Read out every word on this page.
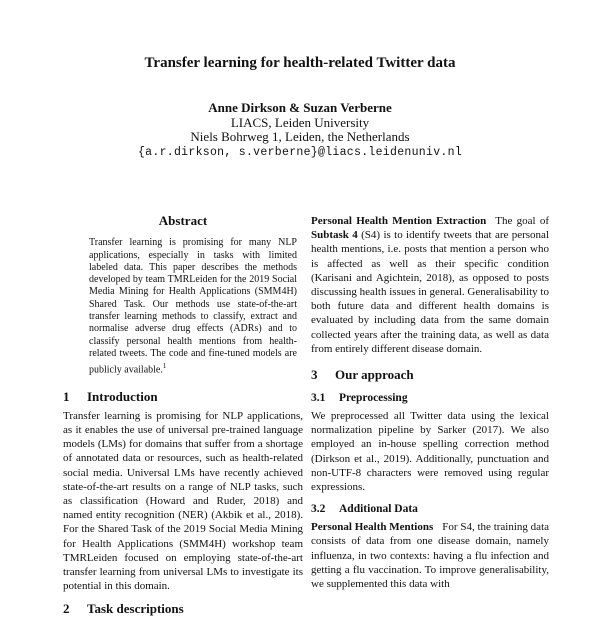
Transfer learning for health-related Twitter data
Anne Dirkson & Suzan Verberne
LIACS, Leiden University
Niels Bohrweg 1, Leiden, the Netherlands
{a.r.dirkson, s.verberne}@liacs.leidenuniv.nl
Abstract

Transfer learning is promising for many NLP applications, especially in tasks with limited labeled data. This paper describes the methods developed by team TMRLeiden for the 2019 Social Media Mining for Health Applications (SMM4H) Shared Task. Our methods use state-of-the-art transfer learning methods to classify, extract and normalise adverse drug effects (ADRs) and to classify personal health mentions from health-related tweets. The code and fine-tuned models are publicly available.$^1$

1 Introduction

Transfer learning is promising for NLP applications, as it enables the use of universal pre-trained language models (LMs) for domains that suffer from a shortage of annotated data or resources, such as health-related social media. Universal LMs have recently achieved state-of-the-art results on a range of NLP tasks, such as classification (Howard and Ruder, 2018) and named entity recognition (NER) (Akbik et al., 2018). For the Shared Task of the 2019 Social Media Mining for Health Applications (SMM4H) workshop team TMRLeiden focused on employing state-of-the-art transfer learning from universal LMs to investigate its potential in this domain.

2 Task descriptions

Personal Health Mention Extraction The goal of Subtask 4 (S4) is to identify tweets that are personal health mentions, i.e. posts that mention a person who is affected as well as their specific condition (Karisani and Agichtein, 2018), as opposed to posts discussing health issues in general. Generalisability to both future data and different health domains is evaluated by including data from the same domain collected years after the training data, as well as data from entirely different disease domain.

3 Our approach
3.1 Preprocessing

We preprocessed all Twitter data using the lexical normalization pipeline by Sarker (2017). We also employed an in-house spelling correction method (Dirkson et al., 2019). Additionally, punctuation and non-UTF-8 characters were removed using regular expressions.

3.2 Additional Data

Personal Health Mentions For S4, the training data consists of data from one disease domain, namely influenza, in two contexts: having a flu infection and getting a flu vaccination. To improve generalisability, we supplemented this data with
